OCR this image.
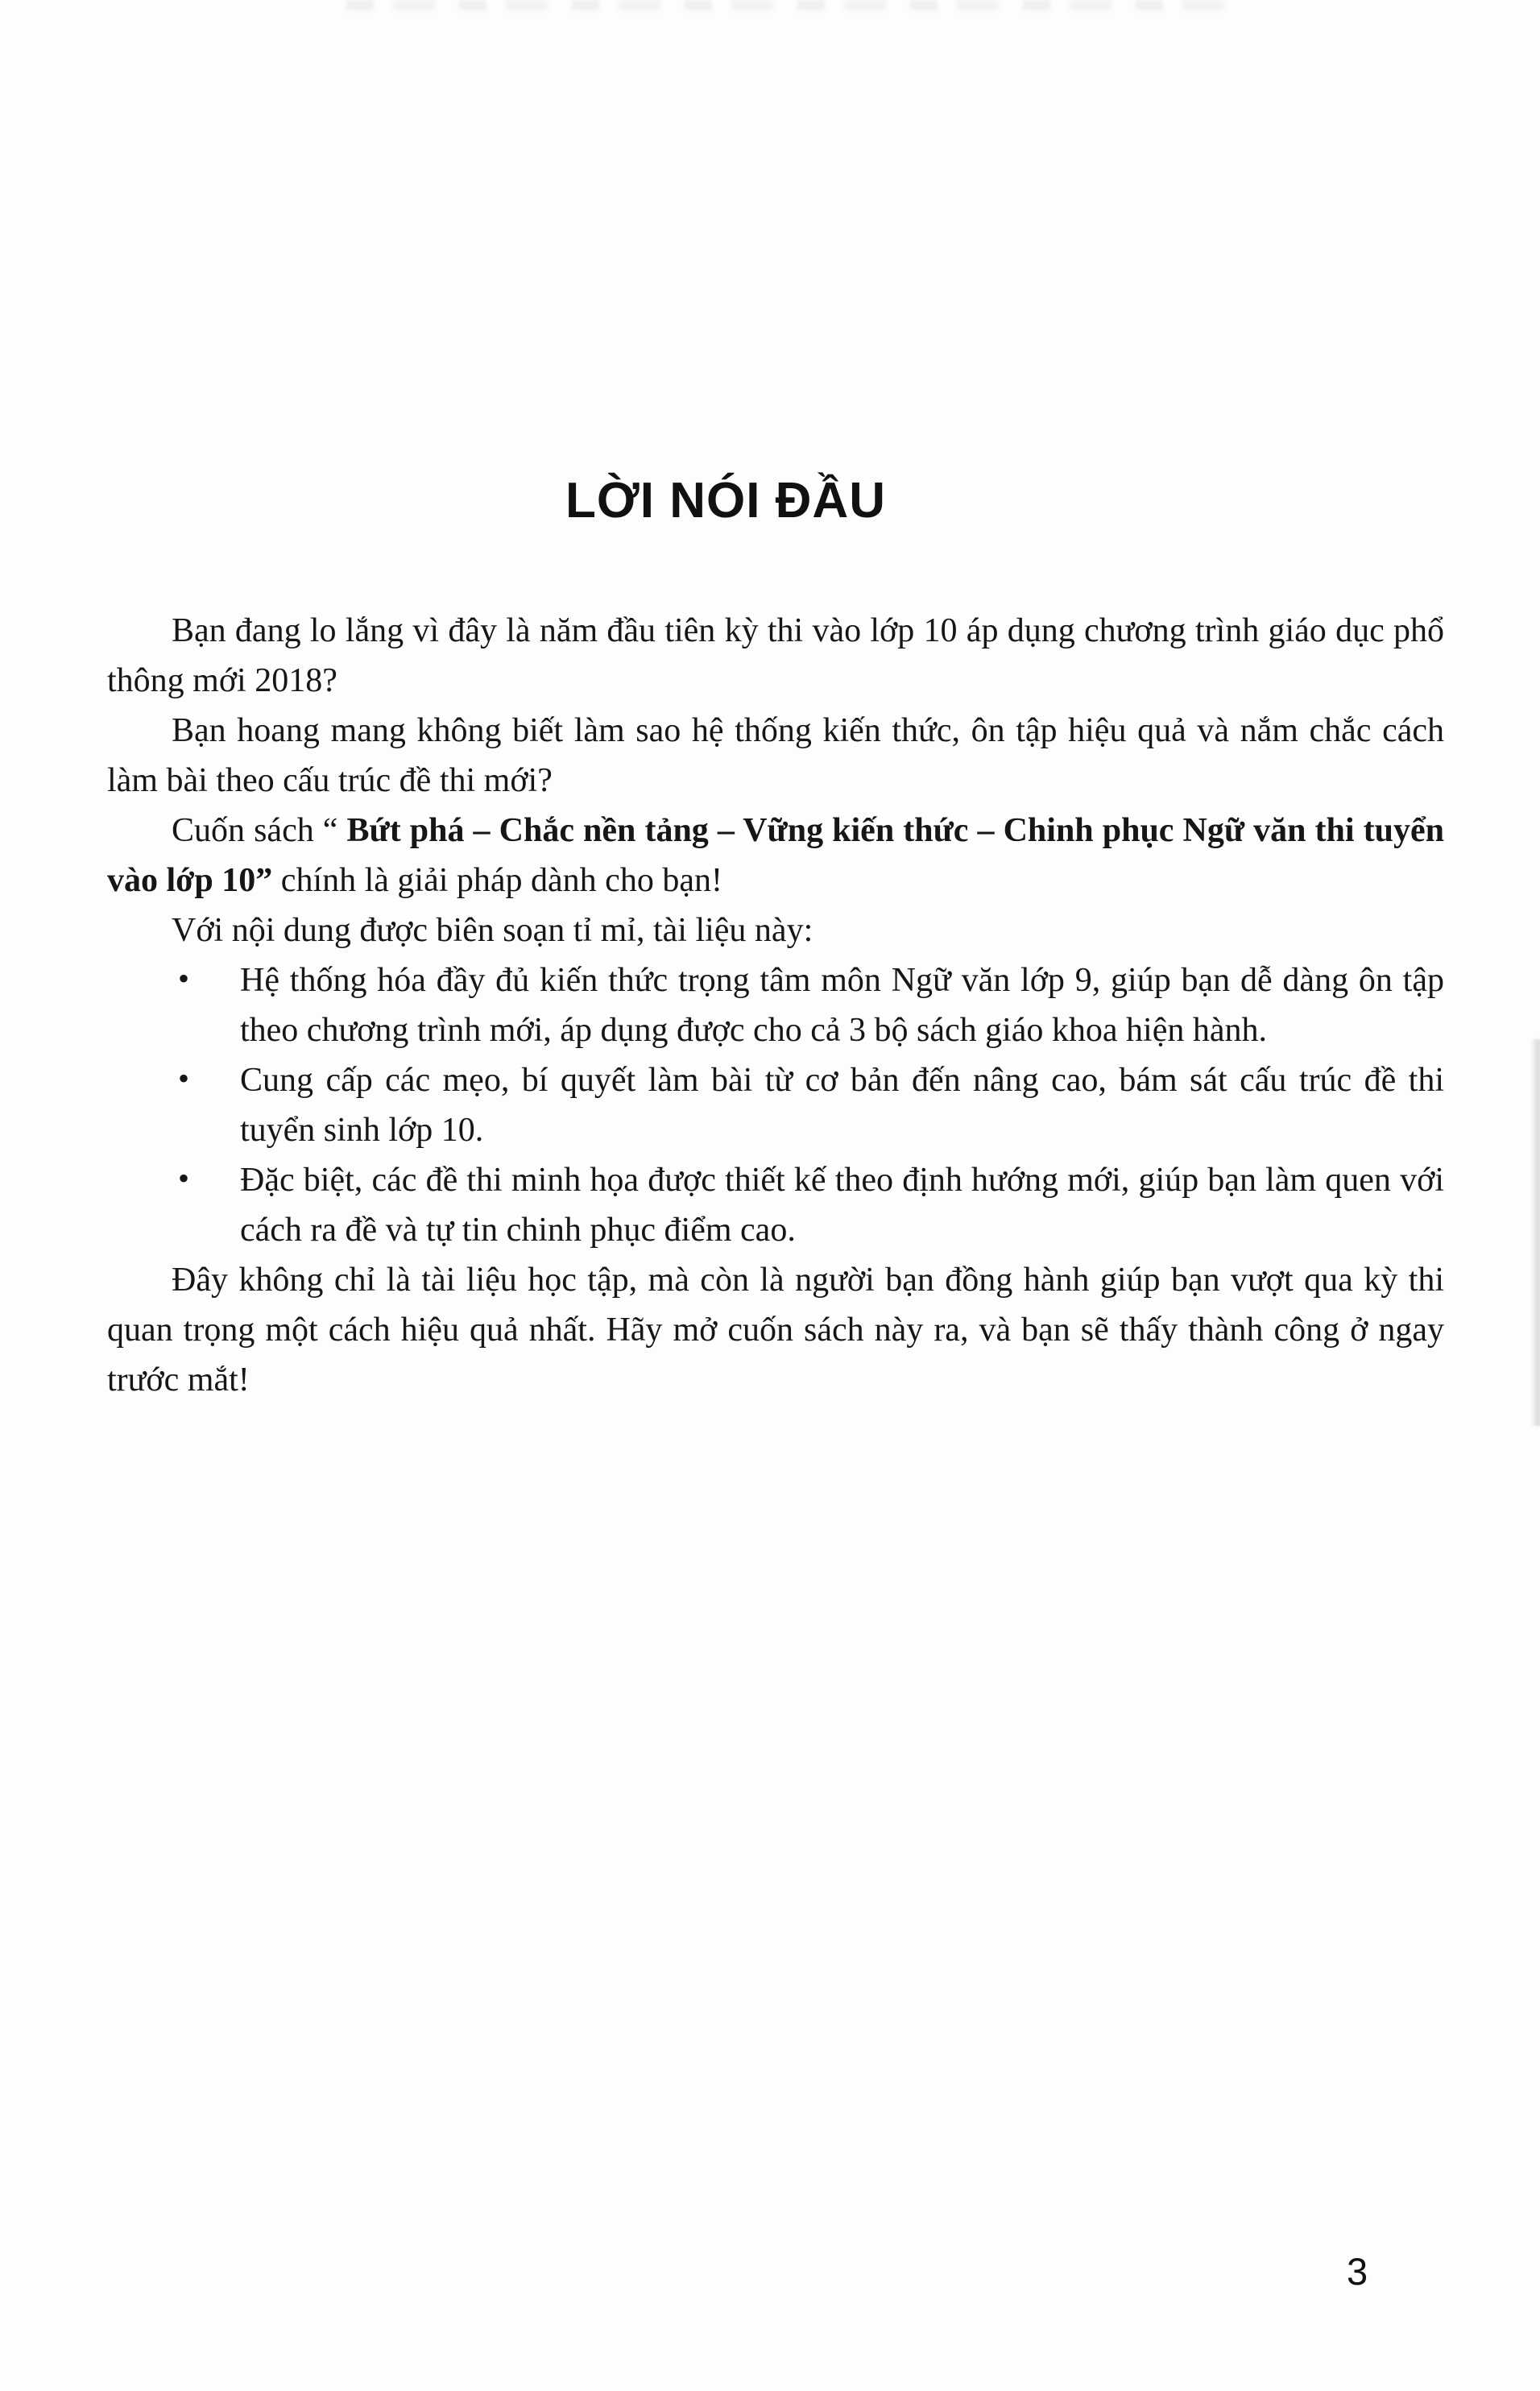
LỜI NÓI ĐẦU

Bạn đang lo lắng vì đây là năm đầu tiên kỳ thi vào lớp 10 áp dụng chương trình giáo dục phổ thông mới 2018?

Bạn hoang mang không biết làm sao hệ thống kiến thức, ôn tập hiệu quả và nắm chắc cách làm bài theo cấu trúc đề thi mới?

Cuốn sách “ Bứt phá – Chắc nền tảng – Vững kiến thức – Chinh phục Ngữ văn thi tuyển vào lớp 10” chính là giải pháp dành cho bạn!

Với nội dung được biên soạn tỉ mỉ, tài liệu này:

• Hệ thống hóa đầy đủ kiến thức trọng tâm môn Ngữ văn lớp 9, giúp bạn dễ dàng ôn tập theo chương trình mới, áp dụng được cho cả 3 bộ sách giáo khoa hiện hành.
• Cung cấp các mẹo, bí quyết làm bài từ cơ bản đến nâng cao, bám sát cấu trúc đề thi tuyển sinh lớp 10.
• Đặc biệt, các đề thi minh họa được thiết kế theo định hướng mới, giúp bạn làm quen với cách ra đề và tự tin chinh phục điểm cao.

Đây không chỉ là tài liệu học tập, mà còn là người bạn đồng hành giúp bạn vượt qua kỳ thi quan trọng một cách hiệu quả nhất. Hãy mở cuốn sách này ra, và bạn sẽ thấy thành công ở ngay trước mắt!

3
